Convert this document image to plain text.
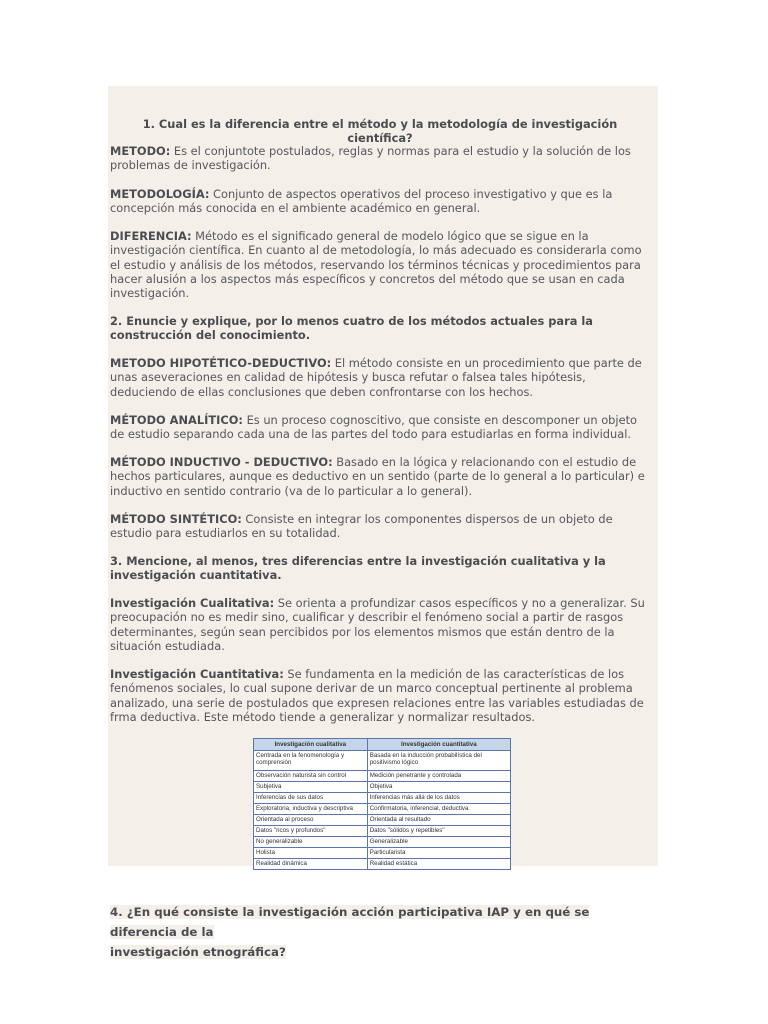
1. Cual es la diferencia entre el método y la metodología de investigación científica?
METODO: Es el conjuntote postulados, reglas y normas para el estudio y la solución de los problemas de investigación.
METODOLOGÍA: Conjunto de aspectos operativos del proceso investigativo y que es la concepción más conocida en el ambiente académico en general.
DIFERENCIA: Método es el significado general de modelo lógico que se sigue en la investigación científica. En cuanto al de metodología, lo más adecuado es considerarla como el estudio y análisis de los métodos, reservando los términos técnicas y procedimientos para hacer alusión a los aspectos más específicos y concretos del método que se usan en cada investigación.
2. Enuncie y explique, por lo menos cuatro de los métodos actuales para la construcción del conocimiento.
METODO HIPOTÉTICO-DEDUCTIVO: El método consiste en un procedimiento que parte de unas aseveraciones en calidad de hipótesis y busca refutar o falsea tales hipótesis, deduciendo de ellas conclusiones que deben confrontarse con los hechos.
MÉTODO ANALÍTICO: Es un proceso cognoscitivo, que consiste en descomponer un objeto de estudio separando cada una de las partes del todo para estudiarlas en forma individual.
MÉTODO INDUCTIVO - DEDUCTIVO: Basado en la lógica y relacionando con el estudio de hechos particulares, aunque es deductivo en un sentido (parte de lo general a lo particular) e inductivo en sentido contrario (va de lo particular a lo general).
MÉTODO SINTÉTICO: Consiste en integrar los componentes dispersos de un objeto de estudio para estudiarlos en su totalidad.
3. Mencione, al menos, tres diferencias entre la investigación cualitativa y la investigación cuantitativa.
Investigación Cualitativa: Se orienta a profundizar casos específicos y no a generalizar. Su preocupación no es medir sino, cualificar y describir el fenómeno social a partir de rasgos determinantes, según sean percibidos por los elementos mismos que están dentro de la situación estudiada.
Investigación Cuantitativa: Se fundamenta en la medición de las características de los fenómenos sociales, lo cual supone derivar de un marco conceptual pertinente al problema analizado, una serie de postulados que expresen relaciones entre las variables estudiadas de frma deductiva. Este método tiende a generalizar y normalizar resultados.
Investigación cualitativa	Investigación cuantitativa
Centrada en la fenomenología y comprensión	Basada en la inducción probabilística del positivismo lógico
Observación naturista sin control	Medición penetrante y controlada
Subjetiva	Objetiva
Inferencias de sus datos	Inferencias más allá de los datos
Exploratoria, inductiva y descriptiva	Confirmatoria, inferencial, deductiva
Orientada al proceso	Orientada al resultado
Datos "ricos y profundos"	Datos "sólidos y repetibles"
No generalizable	Generalizable
Holista	Particularista
Realidad dinámica	Realidad estática
4. ¿En qué consiste la investigación acción participativa IAP y en qué se diferencia de la
investigación etnográfica?
